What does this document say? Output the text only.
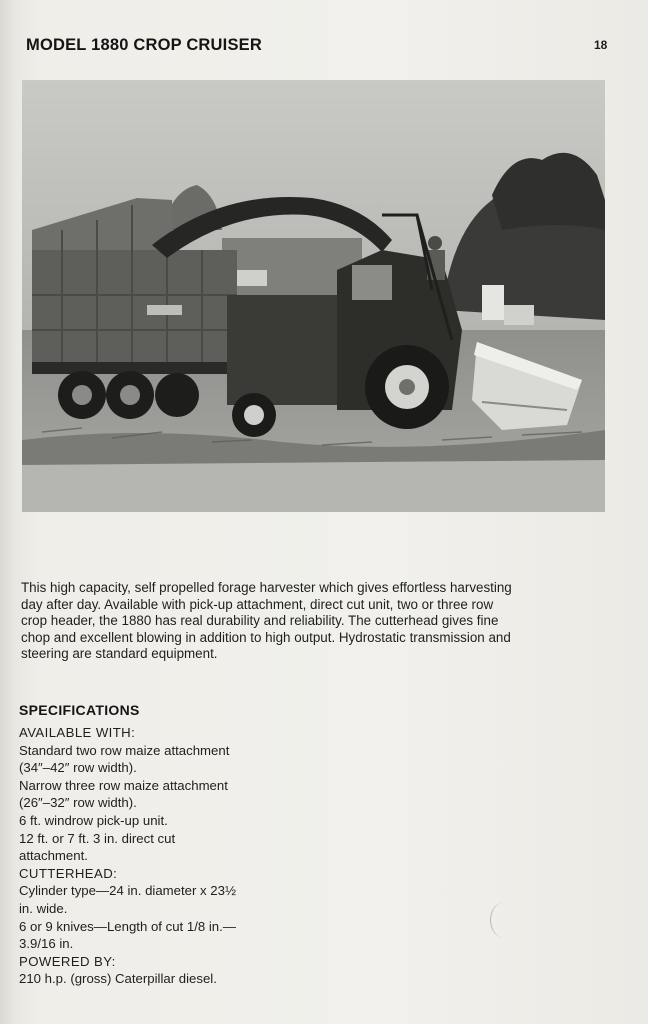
MODEL 1880 CROP CRUISER	18
This high capacity, self propelled forage harvester which gives effortless harvesting
day after day. Available with pick-up attachment, direct cut unit, two or three row
crop header, the 1880 has real durability and reliability. The cutterhead gives fine
chop and excellent blowing in addition to high output. Hydrostatic transmission and
steering are standard equipment.
SPECIFICATIONS
AVAILABLE WITH:
Standard two row maize attachment
(34″–42″ row width).
Narrow three row maize attachment
(26″–32″ row width).
6 ft. windrow pick-up unit.
12 ft. or 7 ft. 3 in. direct cut
attachment.
CUTTERHEAD:
Cylinder type—24 in. diameter x 23½
in. wide.
6 or 9 knives—Length of cut 1/8 in.—
3.9/16 in.
POWERED BY:
210 h.p. (gross) Caterpillar diesel.
